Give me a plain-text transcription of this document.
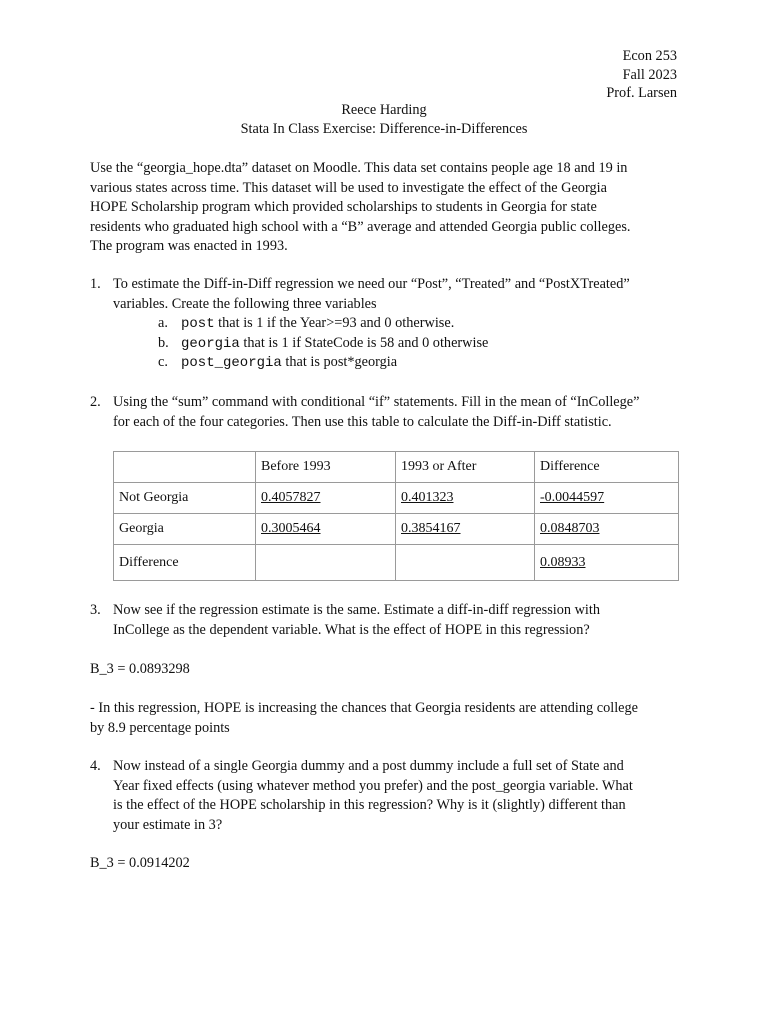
Econ 253
Fall 2023
Prof. Larsen
Reece Harding
Stata In Class Exercise: Difference-in-Differences
Use the “georgia_hope.dta” dataset on Moodle. This data set contains people age 18 and 19 in
various states across time. This dataset will be used to investigate the effect of the Georgia
HOPE Scholarship program which provided scholarships to students in Georgia for state
residents who graduated high school with a “B” average and attended Georgia public colleges.
The program was enacted in 1993.
1. To estimate the Diff-in-Diff regression we need our “Post”, “Treated” and “PostXTreated”
variables. Create the following three variables
a. post that is 1 if the Year>=93 and 0 otherwise.
b. georgia that is 1 if StateCode is 58 and 0 otherwise
c. post_georgia that is post*georgia
2. Using the “sum” command with conditional “if” statements. Fill in the mean of “InCollege”
for each of the four categories. Then use this table to calculate the Diff-in-Diff statistic.
	Before 1993	1993 or After	Difference
Not Georgia	0.4057827	0.401323	-0.0044597
Georgia	0.3005464	0.3854167	0.0848703
Difference			0.08933
3. Now see if the regression estimate is the same. Estimate a diff-in-diff regression with
InCollege as the dependent variable. What is the effect of HOPE in this regression?
B_3 = 0.0893298
- In this regression, HOPE is increasing the chances that Georgia residents are attending college
by 8.9 percentage points
4. Now instead of a single Georgia dummy and a post dummy include a full set of State and
Year fixed effects (using whatever method you prefer) and the post_georgia variable. What
is the effect of the HOPE scholarship in this regression? Why is it (slightly) different than
your estimate in 3?
B_3 = 0.0914202
